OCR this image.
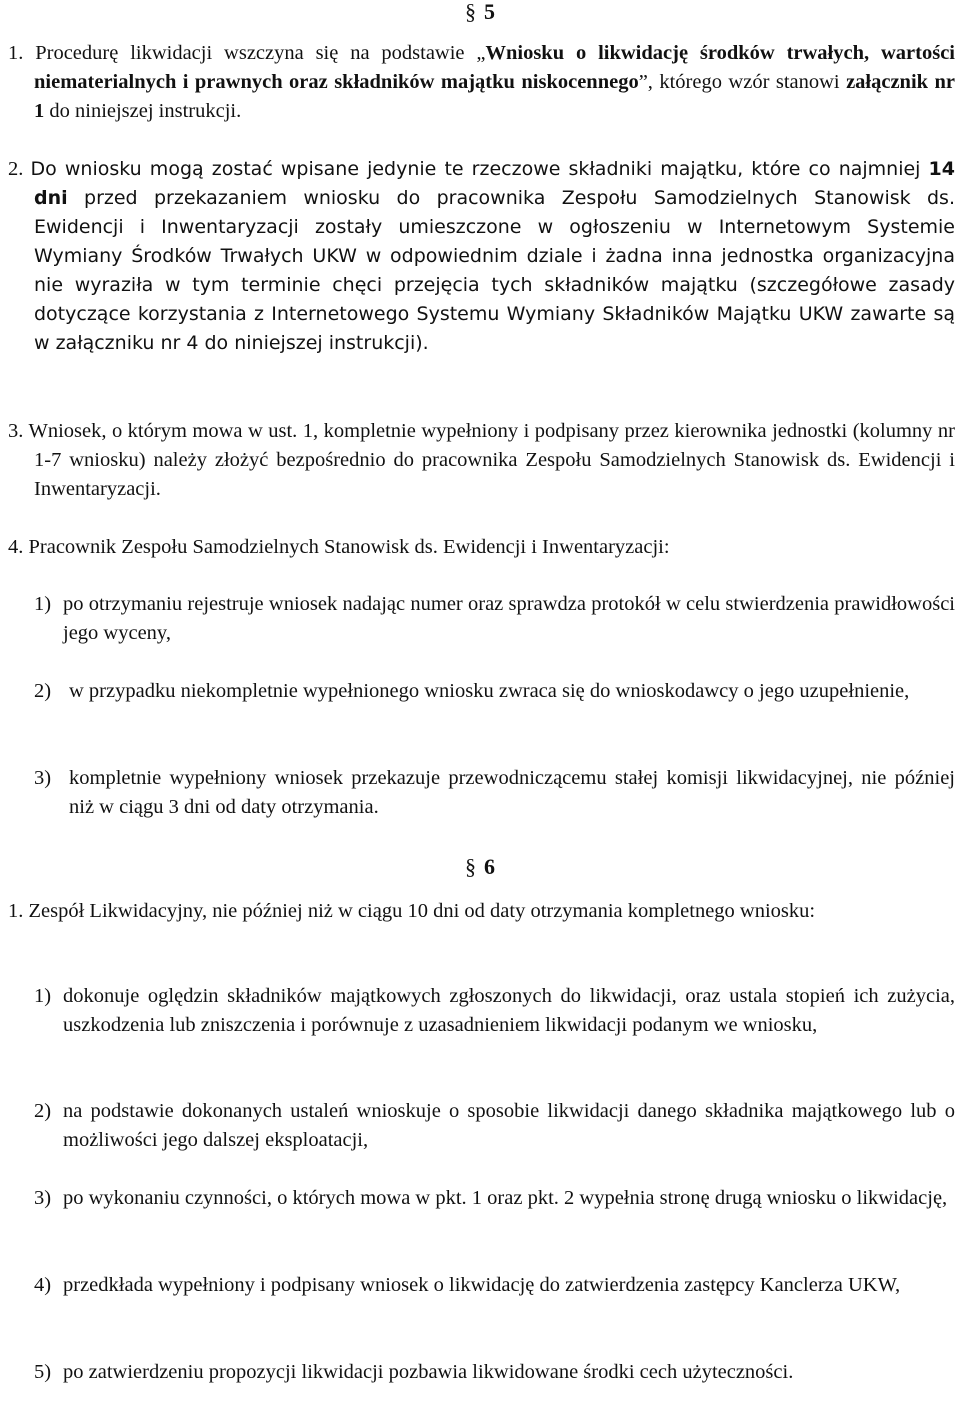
§ 5
1. Procedurę likwidacji wszczyna się na podstawie „Wniosku o likwidację środków trwałych, wartości niematerialnych i prawnych oraz składników majątku niskocennego”, którego wzór stanowi załącznik nr 1 do niniejszej instrukcji.
2. Do wniosku mogą zostać wpisane jedynie te rzeczowe składniki majątku, które co najmniej 14 dni przed przekazaniem wniosku do pracownika Zespołu Samodzielnych Stanowisk ds. Ewidencji i Inwentaryzacji zostały umieszczone w ogłoszeniu w Internetowym Systemie Wymiany Środków Trwałych UKW w odpowiednim dziale i żadna inna jednostka organizacyjna nie wyraziła w tym terminie chęci przejęcia tych składników majątku (szczegółowe zasady dotyczące korzystania z Internetowego Systemu Wymiany Składników Majątku UKW zawarte są w załączniku nr 4 do niniejszej instrukcji).
3. Wniosek, o którym mowa w ust. 1, kompletnie wypełniony i podpisany przez kierownika jednostki (kolumny nr 1-7 wniosku) należy złożyć bezpośrednio do pracownika Zespołu Samodzielnych Stanowisk ds. Ewidencji i Inwentaryzacji.
4. Pracownik Zespołu Samodzielnych Stanowisk ds. Ewidencji i Inwentaryzacji:
1) po otrzymaniu rejestruje wniosek nadając numer oraz sprawdza protokół w celu stwierdzenia prawidłowości jego wyceny,
2) w przypadku niekompletnie wypełnionego wniosku zwraca się do wnioskodawcy o jego uzupełnienie,
3) kompletnie wypełniony wniosek przekazuje przewodniczącemu stałej komisji likwidacyjnej, nie później niż w ciągu 3 dni od daty otrzymania.
§ 6
1. Zespół Likwidacyjny, nie później niż w ciągu 10 dni od daty otrzymania kompletnego wniosku:
1) dokonuje oględzin składników majątkowych zgłoszonych do likwidacji, oraz ustala stopień ich zużycia, uszkodzenia lub zniszczenia i porównuje z uzasadnieniem likwidacji podanym we wniosku,
2) na podstawie dokonanych ustaleń wnioskuje o sposobie likwidacji danego składnika majątkowego lub o możliwości jego dalszej eksploatacji,
3) po wykonaniu czynności, o których mowa w pkt. 1 oraz pkt. 2 wypełnia stronę drugą wniosku o likwidację,
4) przedkłada wypełniony i podpisany wniosek o likwidację do zatwierdzenia zastępcy Kanclerza UKW,
5) po zatwierdzeniu propozycji likwidacji pozbawia likwidowane środki cech użyteczności.
